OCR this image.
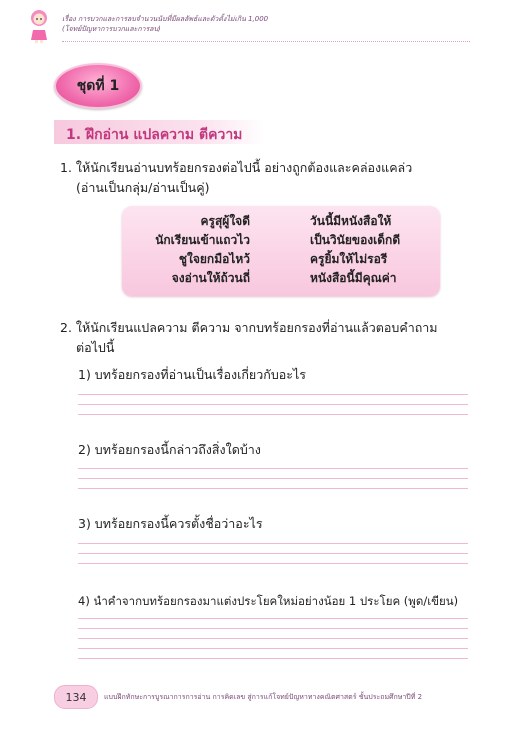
เรื่อง การบวกและการลบจำนวนนับที่มีผลลัพธ์และตัวตั้งไม่เกิน 1,000
(โจทย์ปัญหาการบวกและการลบ)
ชุดที่ 1
1. ฝึกอ่าน แปลความ ตีความ
1. ให้นักเรียนอ่านบทร้อยกรองต่อไปนี้ อย่างถูกต้องและคล่องแคล่ว
(อ่านเป็นกลุ่ม/อ่านเป็นคู่)
ครูสุผู้ใจดี
นักเรียนเข้าแถวไว
ชูใจยกมือไหว้
จงอ่านให้ถ้วนถี่
วันนี้มีหนังสือให้
เป็นวินัยของเด็กดี
ครูยิ้มให้ไม่รอรี
หนังสือนี้มีคุณค่า
2. ให้นักเรียนแปลความ ตีความ จากบทร้อยกรองที่อ่านแล้วตอบคำถาม
ต่อไปนี้
1) บทร้อยกรองที่อ่านเป็นเรื่องเกี่ยวกับอะไร
2) บทร้อยกรองนี้กล่าวถึงสิ่งใดบ้าง
3) บทร้อยกรองนี้ควรตั้งชื่อว่าอะไร
4) นำคำจากบทร้อยกรองมาแต่งประโยคใหม่อย่างน้อย 1 ประโยค (พูด/เขียน)
134	แบบฝึกทักษะการบูรณาการการอ่าน การคิดเลข สู่การแก้โจทย์ปัญหาทางคณิตศาสตร์ ชั้นประถมศึกษาปีที่ 2
